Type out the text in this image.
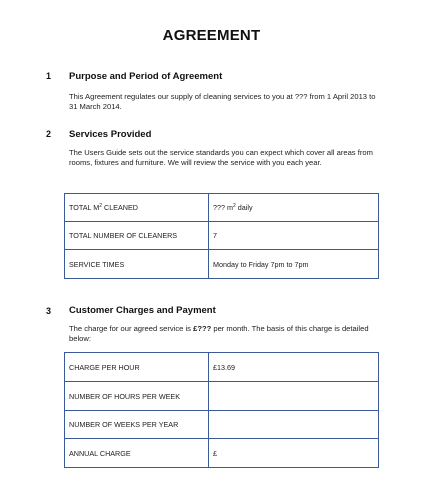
AGREEMENT
1 Purpose and Period of Agreement
This Agreement regulates our supply of cleaning services to you at ??? from 1 April 2013 to 31 March 2014.
2 Services Provided
The Users Guide sets out the service standards you can expect which cover all areas from rooms, fixtures and furniture. We will review the service with you each year.
TOTAL $M^2$ CLEANED	??? $m^2$ daily
TOTAL NUMBER OF CLEANERS	7
SERVICE TIMES	Monday to Friday 7pm to 7pm
3 Customer Charges and Payment
The charge for our agreed service is £??? per month. The basis of this charge is detailed below:
CHARGE PER HOUR	£13.69
NUMBER OF HOURS PER WEEK	
NUMBER OF WEEKS PER YEAR	
ANNUAL CHARGE	£
